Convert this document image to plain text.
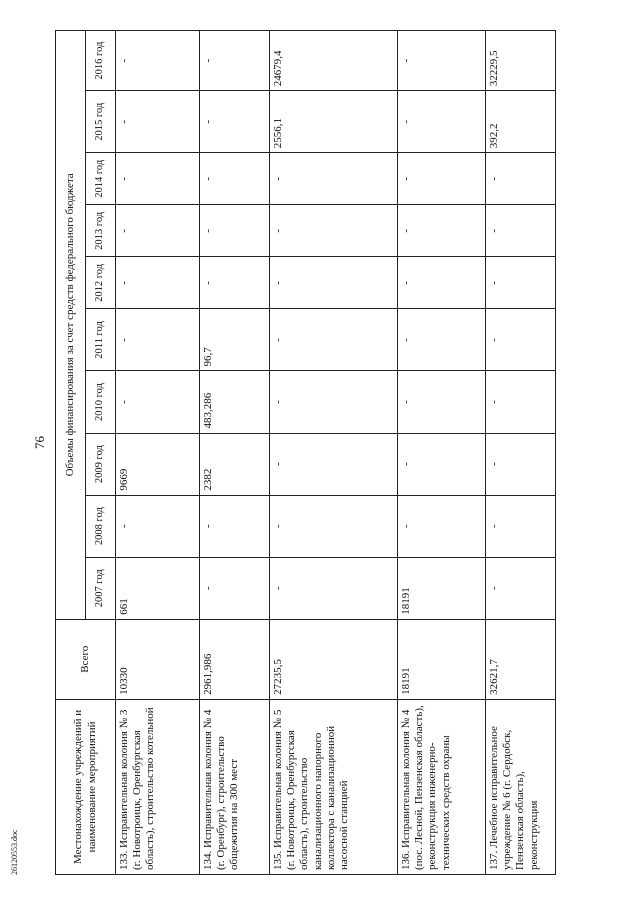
76
Местонахождение учреждений и наименование мероприятий	Всего	Объемы финансирования за счет средств федерального бюджета									
		2007 год	2008 год	2009 год	2010 год	2011 год	2012 год	2013 год	2014 год	2015 год	2016 год
133. Исправительная колония № 3 (г. Новотроицк, Оренбургская область), строительство котельной	10330	661	-	9669	-	-	-	-	-	-	-
134. Исправительная колония № 4 (г. Оренбург), строительство общежития на 300 мест	2961,986	-	-	2382	483,286	96,7	-	-	-	-	-
135. Исправительная колония № 5 (г. Новотроицк, Оренбургская область), строительство канализационного напорного коллектора с канализационной насосной станцией	27235,5	-	-	-	-	-	-	-	-	2556,1	24679,4
136. Исправительная колония № 4 (пос. Лесной, Пензенская область), реконструкция инженерно-технических средств охраны	18191	18191	-	-	-	-	-	-	-	-	-
137. Лечебное исправительное учреждение № 6 (г. Сердобск, Пензенская область), реконструкция	32621,7	-	-	-	-	-	-	-	-	392,2	32229,5
26120553.doc
